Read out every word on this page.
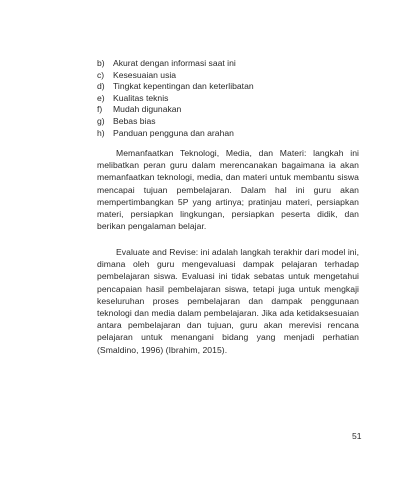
b) Akurat dengan informasi saat ini
c)	Kesesuaian usia
d) Tingkat kepentingan dan keterlibatan
e) Kualitas teknis
f)	Mudah digunakan
g) Bebas bias
h) Panduan pengguna dan arahan

Memanfaatkan Teknologi, Media, dan Materi: langkah ini melibatkan peran guru dalam merencanakan bagaimana ia akan memanfaatkan teknologi, media, dan materi untuk membantu siswa mencapai tujuan pembelajaran. Dalam hal ini guru akan mempertimbangkan 5P yang artinya; pratinjau materi, persiapkan materi, persiapkan lingkungan, persiapkan peserta didik, dan berikan pengalaman belajar.

Evaluate and Revise: ini adalah langkah terakhir dari model ini, dimana oleh guru mengevaluasi dampak pelajaran terhadap pembelajaran siswa. Evaluasi ini tidak sebatas untuk mengetahui pencapaian hasil pembelajaran siswa, tetapi juga untuk mengkaji keseluruhan proses pembelajaran dan dampak penggunaan teknologi dan media dalam pembelajaran. Jika ada ketidaksesuaian antara pembelajaran dan tujuan, guru akan merevisi rencana pelajaran untuk menangani bidang yang menjadi perhatian (Smaldino, 1996) (Ibrahim, 2015).

51
